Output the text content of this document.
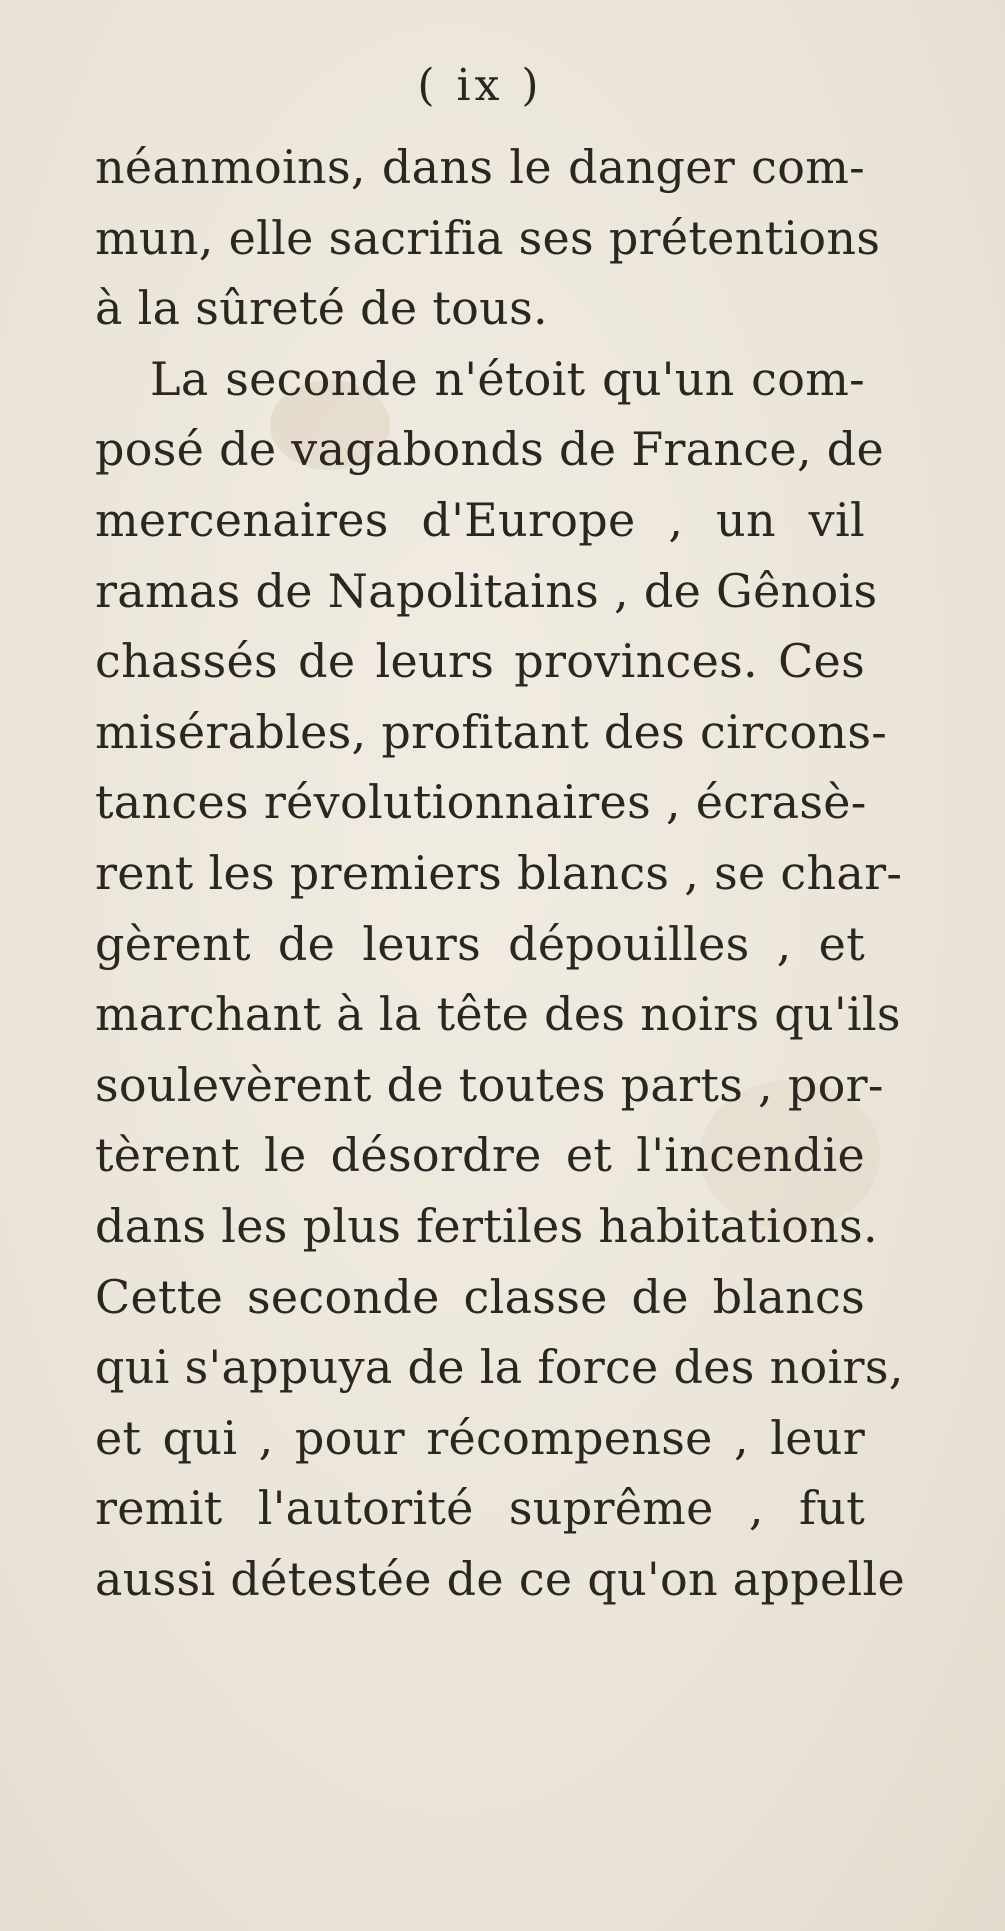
( ix )
néanmoins, dans le danger com-
mun, elle sacrifia ses prétentions
à la sûreté de tous.
La seconde n'étoit qu'un com-
posé de vagabonds de France, de
mercenaires d'Europe , un vil
ramas de Napolitains , de Gênois
chassés de leurs provinces. Ces
misérables, profitant des circons-
tances révolutionnaires , écrasè-
rent les premiers blancs , se char-
gèrent de leurs dépouilles , et
marchant à la tête des noirs qu'ils
soulevèrent de toutes parts , por-
tèrent le désordre et l'incendie
dans les plus fertiles habitations.
Cette seconde classe de blancs
qui s'appuya de la force des noirs,
et qui , pour récompense , leur
remit l'autorité suprême , fut
aussi détestée de ce qu'on appelle
